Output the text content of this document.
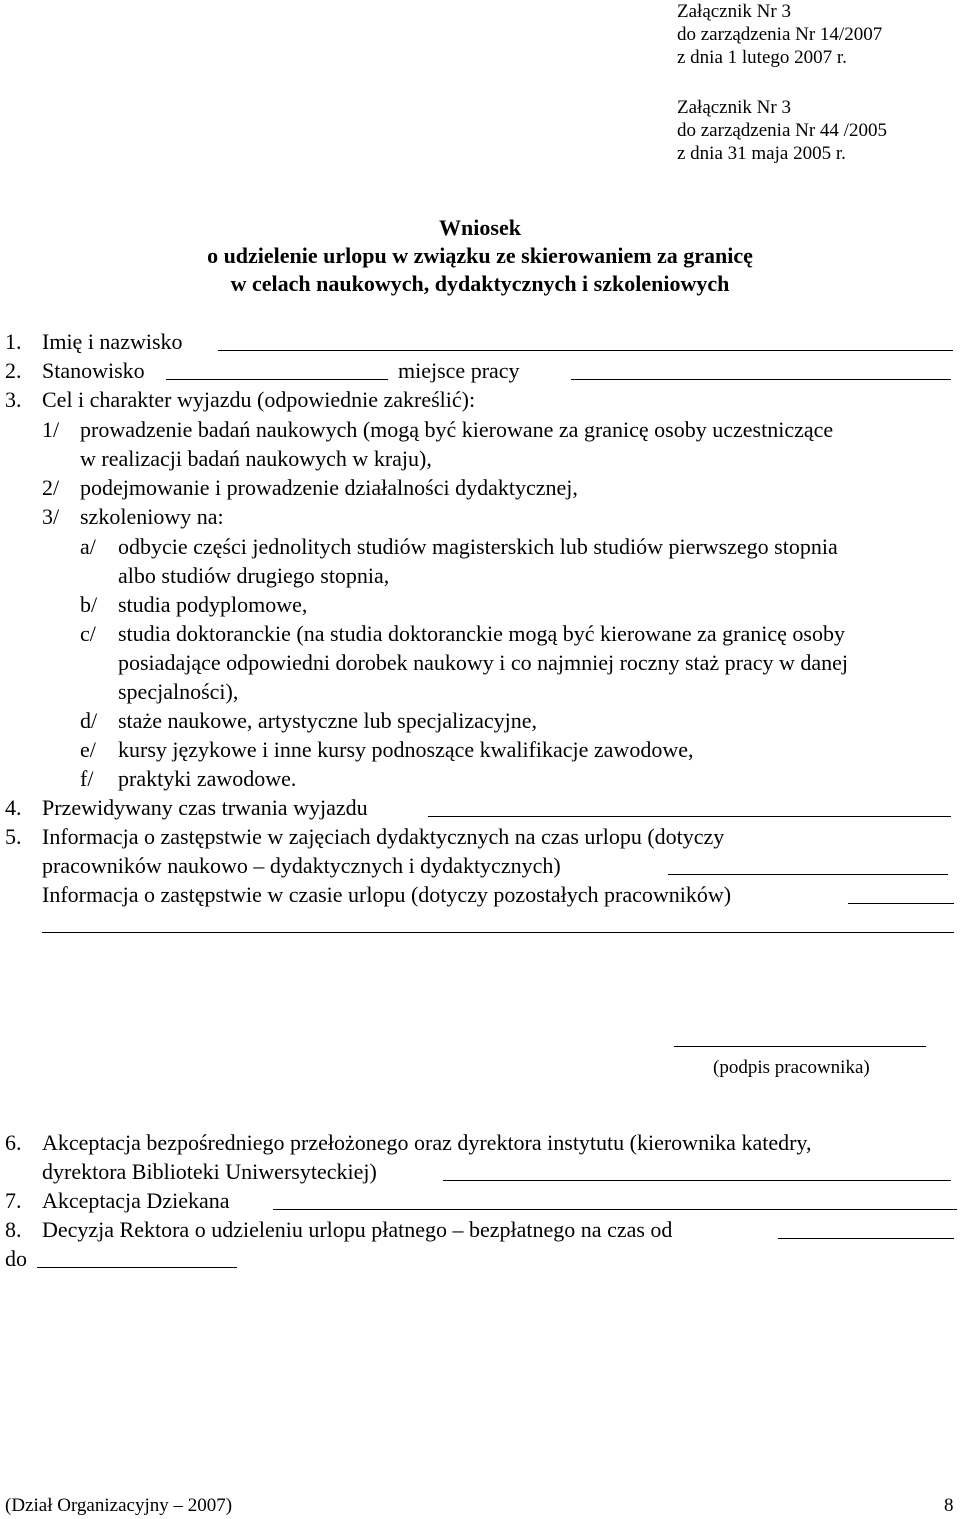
Załącznik Nr 3
do zarządzenia Nr 14/2007
z dnia 1 lutego 2007 r.
Załącznik Nr 3
do zarządzenia Nr 44 /2005
z dnia 31 maja 2005 r.
Wniosek
o udzielenie urlopu w związku ze skierowaniem za granicę
w celach naukowych, dydaktycznych i szkoleniowych
1. Imię i nazwisko
2. Stanowisko	miejsce pracy
3. Cel i charakter wyjazdu (odpowiednie zakreślić):
1/ prowadzenie badań naukowych (mogą być kierowane za granicę osoby uczestniczące
w realizacji badań naukowych w kraju),
2/ podejmowanie i prowadzenie działalności dydaktycznej,
3/ szkoleniowy na:
a/ odbycie części jednolitych studiów magisterskich lub studiów pierwszego stopnia
albo studiów drugiego stopnia,
b/ studia podyplomowe,
c/ studia doktoranckie (na studia doktoranckie mogą być kierowane za granicę osoby
posiadające odpowiedni dorobek naukowy i co najmniej roczny staż pracy w danej
specjalności),
d/ staże naukowe, artystyczne lub specjalizacyjne,
e/ kursy językowe i inne kursy podnoszące kwalifikacje zawodowe,
f/ praktyki zawodowe.
4. Przewidywany czas trwania wyjazdu
5. Informacja o zastępstwie w zajęciach dydaktycznych na czas urlopu (dotyczy
pracowników naukowo – dydaktycznych i dydaktycznych)
Informacja o zastępstwie w czasie urlopu (dotyczy pozostałych pracowników)
(podpis pracownika)
6. Akceptacja bezpośredniego przełożonego oraz dyrektora instytutu (kierownika katedry,
dyrektora Biblioteki Uniwersyteckiej)
7. Akceptacja Dziekana
8. Decyzja Rektora o udzieleniu urlopu płatnego – bezpłatnego na czas od
do
(Dział Organizacyjny – 2007)	8
